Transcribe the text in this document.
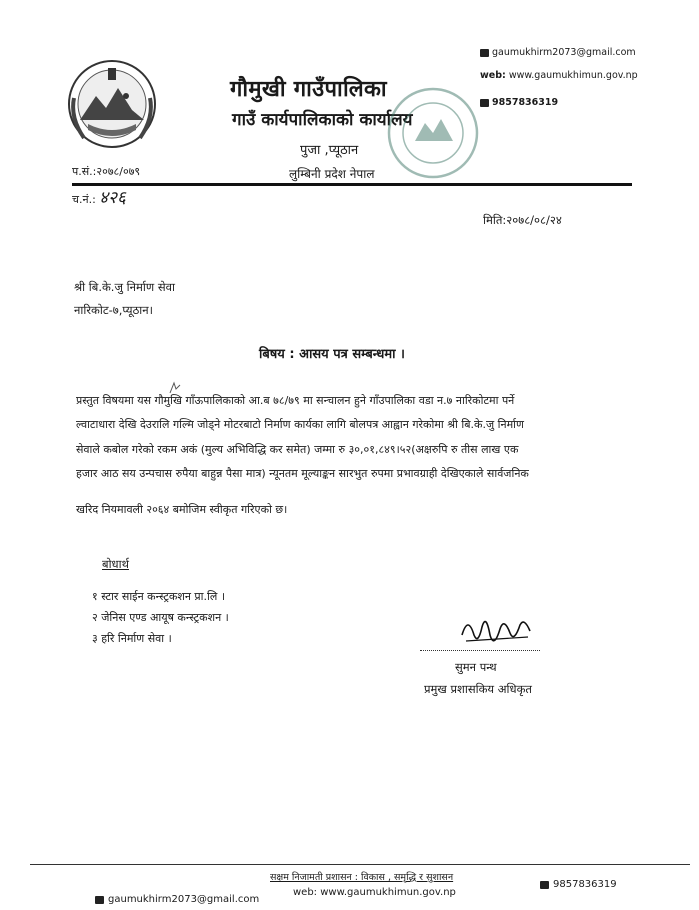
गौमुखी गाउँपालिका
गाउँ कार्यपालिकाको कार्यालय
पुजा ,प्यूठान
लुम्बिनी प्रदेश नेपाल
gaumukhirm2073@gmail.com
web: www.gaumukhimun.gov.np
9857836319
प.सं.:२०७८/०७९
च.नं.: ४२६
मिति:२०७८/०८/२४
श्री बि.के.जु निर्माण सेवा
नारिकोट-७,प्यूठान।
बिषय : आसय पत्र सम्बन्धमा ।
प्रस्तुत विषयमा यस गौमुखि गाँऊपालिकाको आ.ब ७८/७९ मा सन्चालन हुने गाँउपालिका वडा न.७ नारिकोटमा पर्ने
ल्वाटाधारा देखि देउरालि गल्मि जोड्ने मोटरबाटो निर्माण कार्यका लागि बोलपत्र आह्वान गरेकोमा श्री बि.के.जु निर्माण
सेवाले कबोल गरेको रकम अकं (मुल्य अभिविद्धि कर समेत) जम्मा रु ३०,०१,८४९।५२(अक्षरुपि रु तीस लाख एक
हजार आठ सय उन्पचास रुपैया बाहुन्न पैसा मात्र) न्यूनतम मूल्याङ्कन सारभुत रुपमा प्रभावग्राही देखिएकाले सार्वजनिक
खरिद नियमावली २०६४ बमोजिम स्वीकृत गरिएको छ।
बोधार्थ
१ स्टार साईन कन्स्ट्रकशन प्रा.लि ।
२ जेनिस एण्ड आयूष कन्स्ट्रकशन ।
३ हरि निर्माण सेवा ।
सुमन पन्थ
प्रमुख प्रशासकिय अधिकृत
सक्षम निजामती प्रशासन : विकास , समृद्धि र सुशासन
web: www.gaumukhimun.gov.np
gaumukhirm2073@gmail.com
9857836319
